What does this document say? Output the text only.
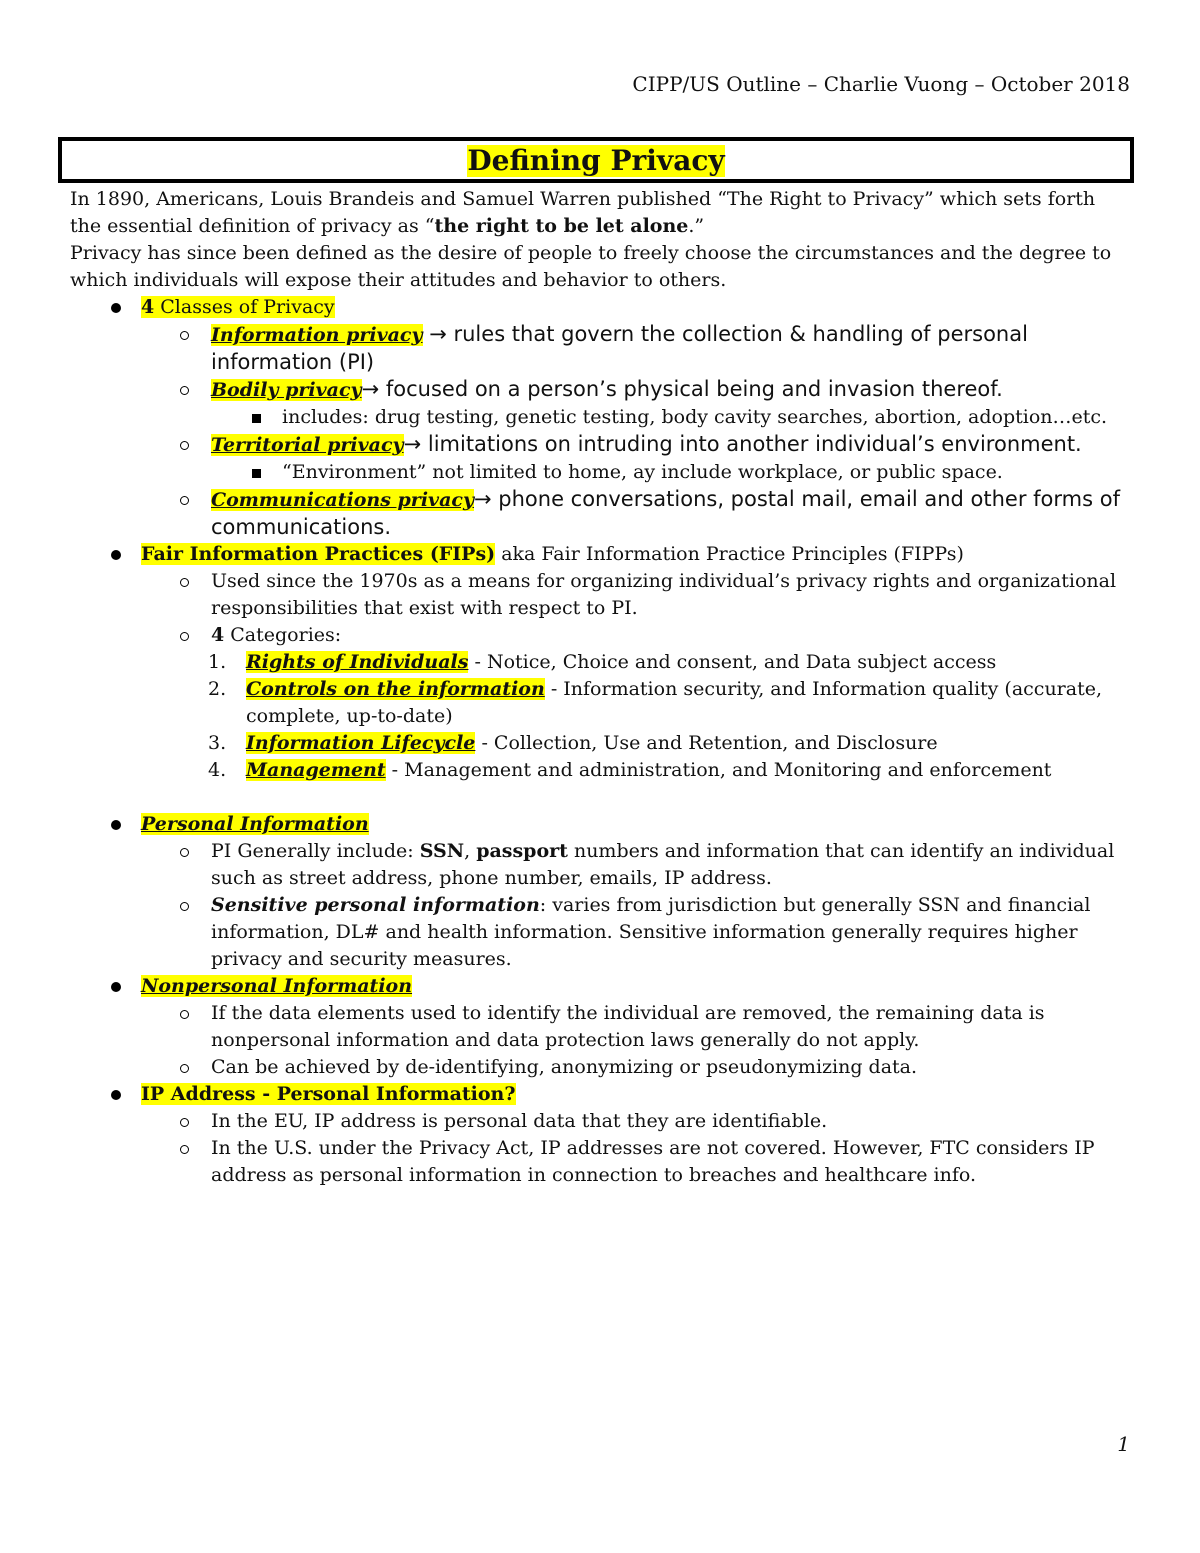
CIPP/US Outline – Charlie Vuong – October 2018
Defining Privacy

In 1890, Americans, Louis Brandeis and Samuel Warren published “The Right to Privacy” which sets forth the essential definition of privacy as “the right to be let alone.”

Privacy has since been defined as the desire of people to freely choose the circumstances and the degree to which individuals will expose their attitudes and behavior to others.

4 Classes of Privacy
Information privacy → rules that govern the collection & handling of personal information (PI)
Bodily privacy→ focused on a person’s physical being and invasion thereof.
includes: drug testing, genetic testing, body cavity searches, abortion, adoption…etc.
Territorial privacy→ limitations on intruding into another individual’s environment.
“Environment” not limited to home, ay include workplace, or public space.
Communications privacy→ phone conversations, postal mail, email and other forms of communications.
Fair Information Practices (FIPs) aka Fair Information Practice Principles (FIPPs)
Used since the 1970s as a means for organizing individual’s privacy rights and organizational responsibilities that exist with respect to PI.
4 Categories:
1.	Rights of Individuals - Notice, Choice and consent, and Data subject access
2.	Controls on the information - Information security, and Information quality (accurate, complete, up-to-date)
3.	Information Lifecycle - Collection, Use and Retention, and Disclosure
4.	Management - Management and administration, and Monitoring and enforcement
Personal Information
PI Generally include: SSN, passport numbers and information that can identify an individual such as street address, phone number, emails, IP address.
Sensitive personal information: varies from jurisdiction but generally SSN and financial information, DL# and health information. Sensitive information generally requires higher privacy and security measures.
Nonpersonal Information
If the data elements used to identify the individual are removed, the remaining data is nonpersonal information and data protection laws generally do not apply.
Can be achieved by de-identifying, anonymizing or pseudonymizing data.
IP Address - Personal Information?
In the EU, IP address is personal data that they are identifiable.
In the U.S. under the Privacy Act, IP addresses are not covered. However, FTC considers IP address as personal information in connection to breaches and healthcare info.
1
